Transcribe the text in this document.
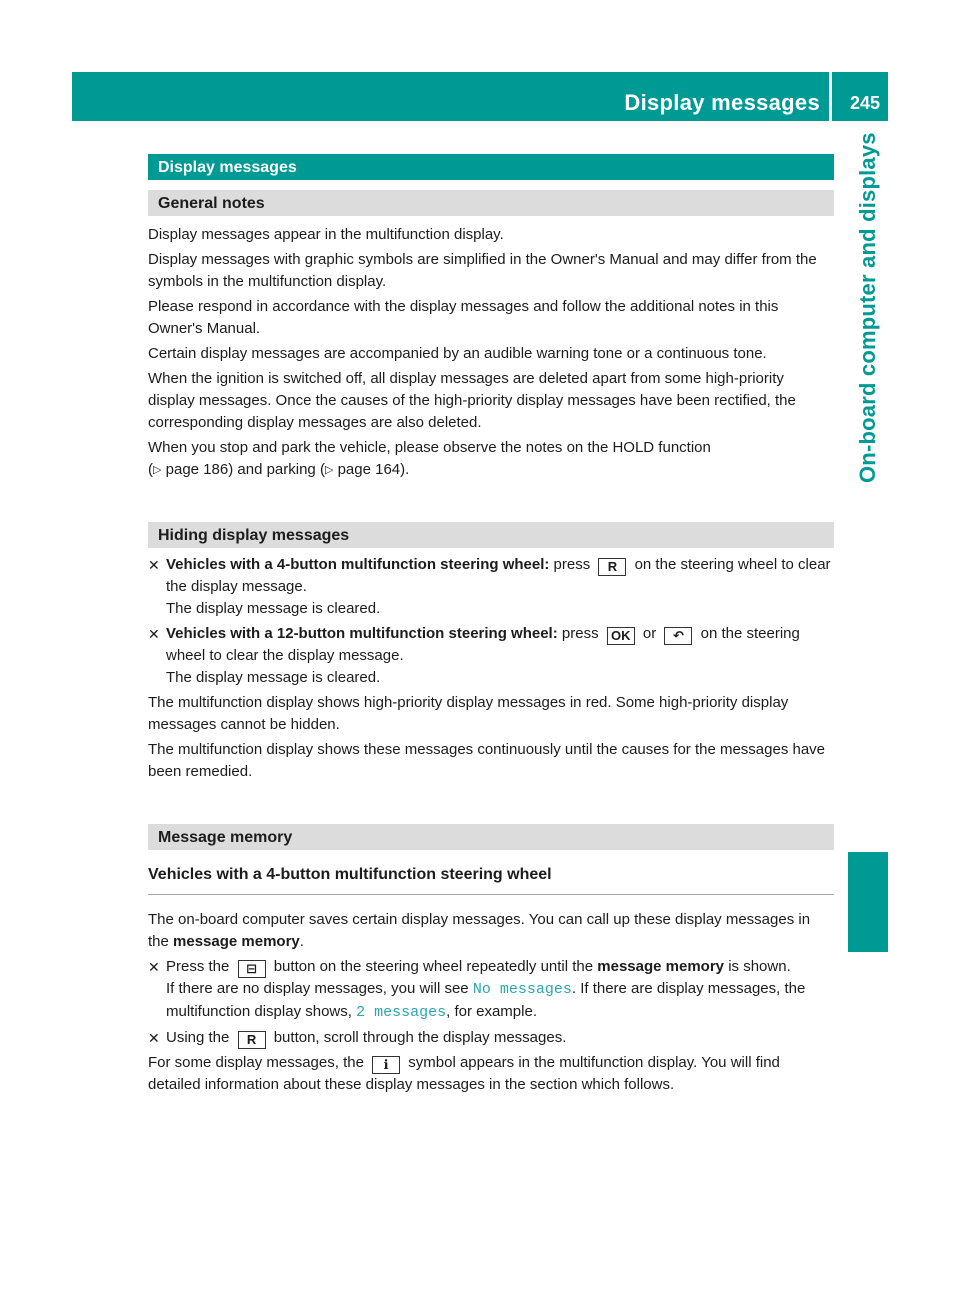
Display messages 245
On-board computer and displays
Display messages
General notes

Display messages appear in the multifunction display.

Display messages with graphic symbols are simplified in the Owner's Manual and may differ from the symbols in the multifunction display.

Please respond in accordance with the display messages and follow the additional notes in this Owner's Manual.

Certain display messages are accompanied by an audible warning tone or a continuous tone.

When the ignition is switched off, all display messages are deleted apart from some high-priority display messages. Once the causes of the high-priority display messages have been rectified, the corresponding display messages are also deleted.

When you stop and park the vehicle, please observe the notes on the HOLD function
(▷ page 186) and parking (▷ page 164).

Hiding display messages
✕ Vehicles with a 4-button multifunction steering wheel: press R on the steering wheel to clear the display message.
The display message is cleared.
✕ Vehicles with a 12-button multifunction steering wheel: press OK or ↶ on the steering wheel to clear the display message.
The display message is cleared.

The multifunction display shows high-priority display messages in red. Some high-priority display messages cannot be hidden.

The multifunction display shows these messages continuously until the causes for the messages have been remedied.

Message memory
Vehicles with a 4-button multifunction steering wheel

The on-board computer saves certain display messages. You can call up these display messages in the message memory.

✕ Press the ⊟ button on the steering wheel repeatedly until the message memory is shown.
If there are no display messages, you will see No messages. If there are display messages, the multifunction display shows, 2 messages, for example.
✕ Using the R button, scroll through the display messages.

For some display messages, the ℹ symbol appears in the multifunction display. You will find detailed information about these display messages in the section which follows.
